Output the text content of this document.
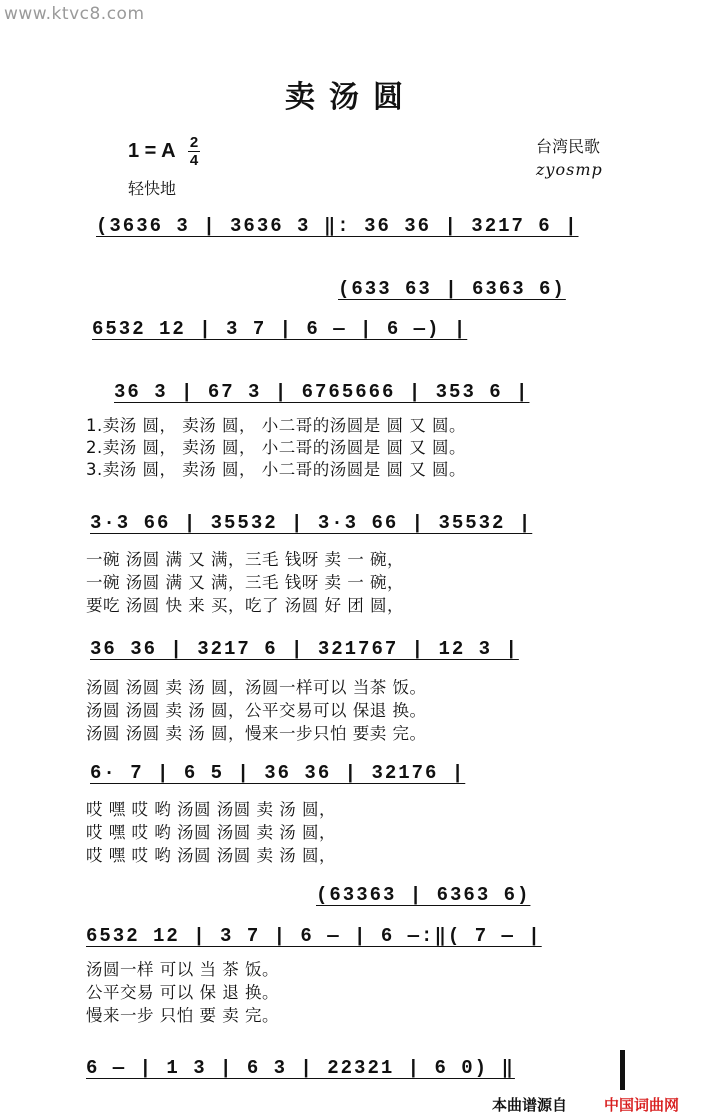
www.ktvc8.com
卖汤圆
1 = A 2
4
轻快地
台湾民歌
zyosmp
(3636 3 | 3636 3 ‖: 36 36 | 3217 6 |
(633 63 | 6363 6)
6532 12 | 3 7 | 6 — | 6 —) |
36 3 | 67 3 | 6765666 | 353 6 |
1.卖汤 圆， 卖汤 圆， 小二哥的汤圆是 圆 又 圆。
2.卖汤 圆， 卖汤 圆， 小二哥的汤圆是 圆 又 圆。
3.卖汤 圆， 卖汤 圆， 小二哥的汤圆是 圆 又 圆。
3·3 66 | 35532 | 3·3 66 | 35532 |
一碗 汤圆 满 又 满，三毛 钱呀 卖 一 碗，
一碗 汤圆 满 又 满，三毛 钱呀 卖 一 碗，
要吃 汤圆 快 来 买，吃了 汤圆 好 团 圆，
36 36 | 3217 6 | 321767 | 12 3 |
汤圆 汤圆 卖 汤 圆，汤圆一样可以 当茶 饭。
汤圆 汤圆 卖 汤 圆，公平交易可以 保退 换。
汤圆 汤圆 卖 汤 圆，慢来一步只怕 要卖 完。
6· 7 | 6 5 | 36 36 | 32176 |
哎 嘿 哎 哟 汤圆 汤圆 卖 汤 圆，
哎 嘿 哎 哟 汤圆 汤圆 卖 汤 圆，
哎 嘿 哎 哟 汤圆 汤圆 卖 汤 圆，
(63363 | 6363 6)
6532 12 | 3 7 | 6 — | 6 —:‖( 7 — |
汤圆一样 可以 当 茶 饭。
公平交易 可以 保 退 换。
慢来一步 只怕 要 卖 完。
6 — | 1 3 | 6 3 | 22321 | 6 0) ‖
本曲谱源自 中国词曲网
